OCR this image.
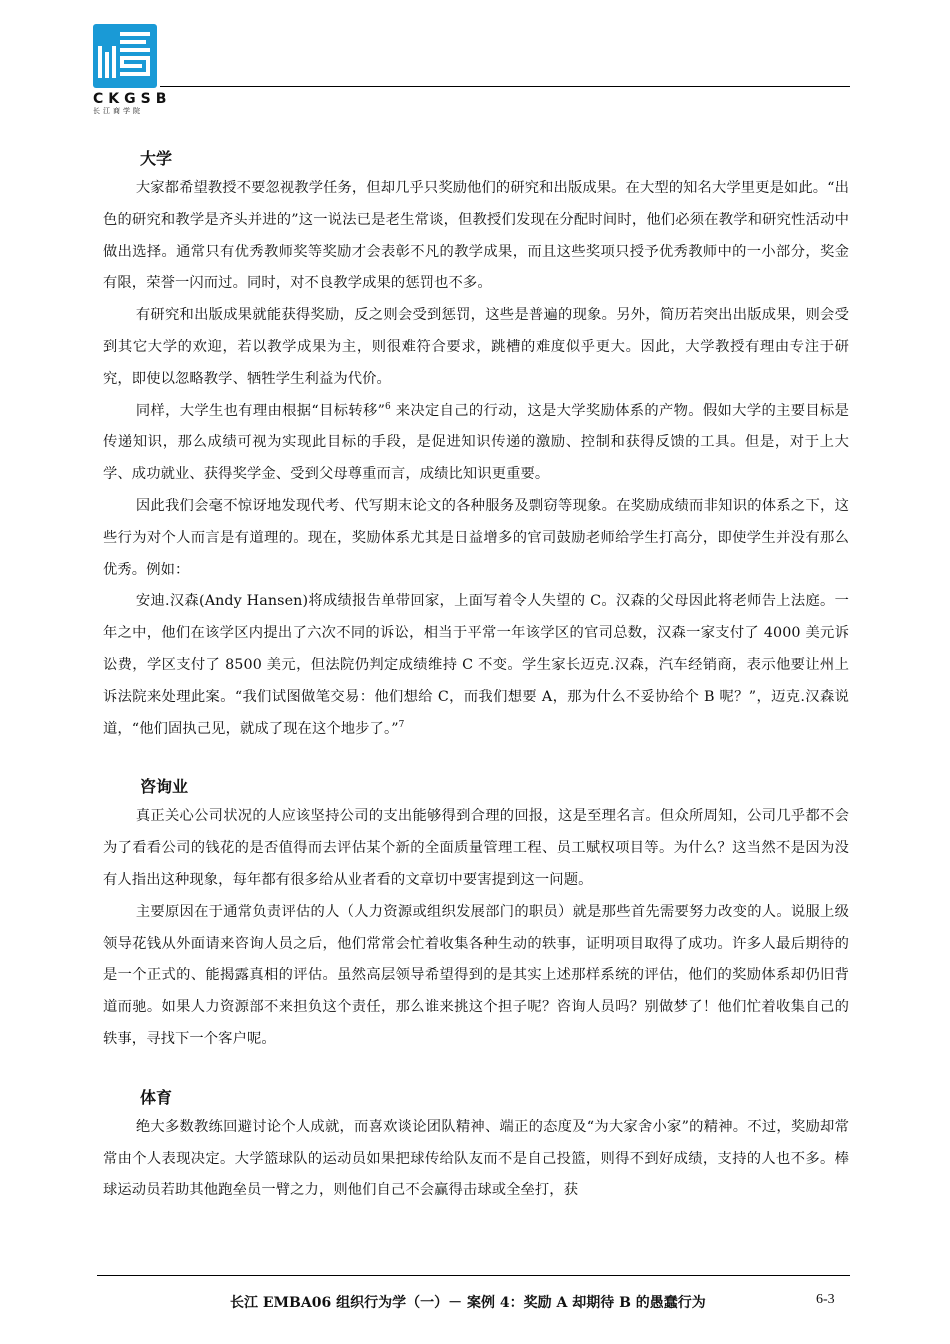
CKGSB
长江商学院
大学

大家都希望教授不要忽视教学任务，但却几乎只奖励他们的研究和出版成果。在大型的知名大学里更是如此。“出色的研究和教学是齐头并进的”这一说法已是老生常谈，但教授们发现在分配时间时，他们必须在教学和研究性活动中做出选择。通常只有优秀教师奖等奖励才会表彰不凡的教学成果，而且这些奖项只授予优秀教师中的一小部分，奖金有限，荣誉一闪而过。同时，对不良教学成果的惩罚也不多。

有研究和出版成果就能获得奖励，反之则会受到惩罚，这些是普遍的现象。另外，简历若突出出版成果，则会受到其它大学的欢迎，若以教学成果为主，则很难符合要求，跳槽的难度似乎更大。因此，大学教授有理由专注于研究，即使以忽略教学、牺牲学生利益为代价。

同样，大学生也有理由根据“目标转移”$^6$ 来决定自己的行动，这是大学奖励体系的产物。假如大学的主要目标是传递知识，那么成绩可视为实现此目标的手段，是促进知识传递的激励、控制和获得反馈的工具。但是，对于上大学、成功就业、获得奖学金、受到父母尊重而言，成绩比知识更重要。

因此我们会毫不惊讶地发现代考、代写期末论文的各种服务及剽窃等现象。在奖励成绩而非知识的体系之下，这些行为对个人而言是有道理的。现在，奖励体系尤其是日益增多的官司鼓励老师给学生打高分，即使学生并没有那么优秀。例如：

安迪.汉森(Andy Hansen)将成绩报告单带回家，上面写着令人失望的 C。汉森的父母因此将老师告上法庭。一年之中，他们在该学区内提出了六次不同的诉讼，相当于平常一年该学区的官司总数，汉森一家支付了 4000 美元诉讼费，学区支付了 8500 美元，但法院仍判定成绩维持 C 不变。学生家长迈克.汉森，汽车经销商，表示他要让州上诉法院来处理此案。“我们试图做笔交易：他们想给 C，而我们想要 A，那为什么不妥协给个 B 呢？”，迈克.汉森说道，“他们固执己见，就成了现在这个地步了。”$^7$

咨询业

真正关心公司状况的人应该坚持公司的支出能够得到合理的回报，这是至理名言。但众所周知，公司几乎都不会为了看看公司的钱花的是否值得而去评估某个新的全面质量管理工程、员工赋权项目等。为什么？这当然不是因为没有人指出这种现象，每年都有很多给从业者看的文章切中要害提到这一问题。

主要原因在于通常负责评估的人（人力资源或组织发展部门的职员）就是那些首先需要努力改变的人。说服上级领导花钱从外面请来咨询人员之后，他们常常会忙着收集各种生动的轶事，证明项目取得了成功。许多人最后期待的是一个正式的、能揭露真相的评估。虽然高层领导希望得到的是其实上述那样系统的评估，他们的奖励体系却仍旧背道而驰。如果人力资源部不来担负这个责任，那么谁来挑这个担子呢？咨询人员吗？别做梦了！他们忙着收集自己的轶事，寻找下一个客户呢。

体育

绝大多数教练回避讨论个人成就，而喜欢谈论团队精神、端正的态度及“为大家舍小家”的精神。不过，奖励却常常由个人表现决定。大学篮球队的运动员如果把球传给队友而不是自己投篮，则得不到好成绩，支持的人也不多。棒球运动员若助其他跑垒员一臂之力，则他们自己不会赢得击球或全垒打，获

长江 EMBA06 组织行为学（一）－ 案例 4：奖励 A 却期待 B 的愚蠢行为	6-3
